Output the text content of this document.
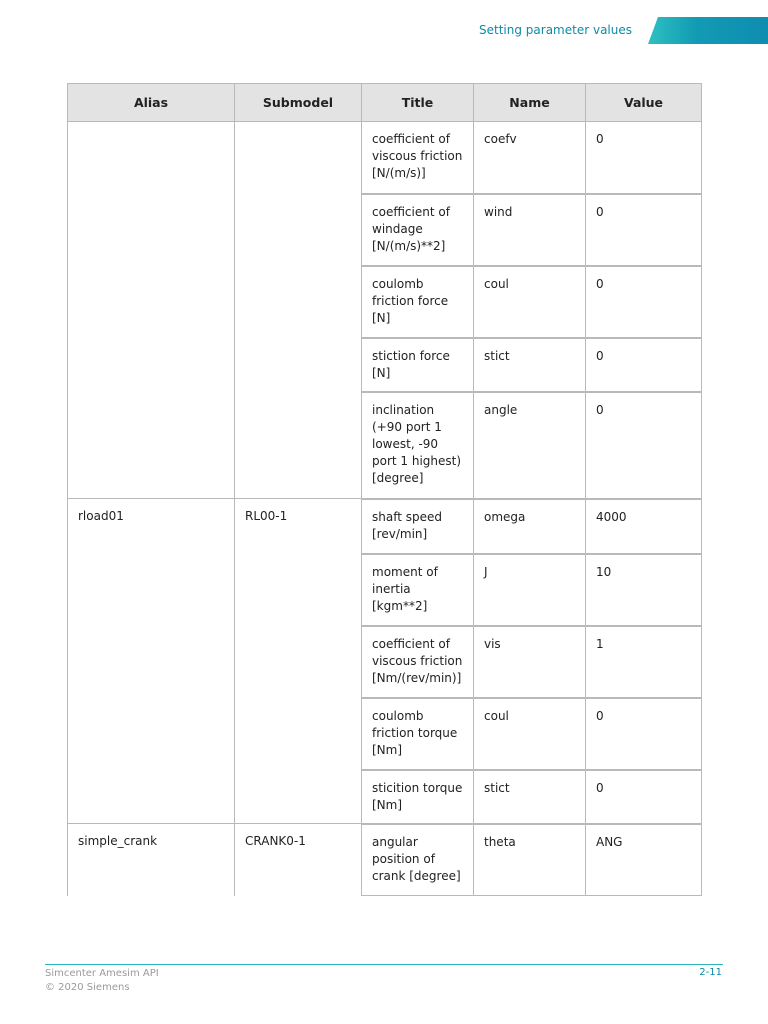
Setting parameter values
Alias	Submodel	Title	Name	Value
		coefficient of viscous friction [N/(m/s)]	coefv	0
		coefficient of windage [N/(m/s)**2]	wind	0
		coulomb friction force [N]	coul	0
		stiction force [N]	stict	0
		inclination (+90 port 1 lowest, -90 port 1 highest) [degree]	angle	0
rload01	RL00-1	shaft speed [rev/min]	omega	4000
		moment of inertia [kgm**2]	J	10
		coefficient of viscous friction [Nm/(rev/min)]	vis	1
		coulomb friction torque [Nm]	coul	0
		sticition torque [Nm]	stict	0
simple_crank	CRANK0-1	angular position of crank [degree]	theta	ANG
Simcenter Amesim API
© 2020 Siemens
2-11
